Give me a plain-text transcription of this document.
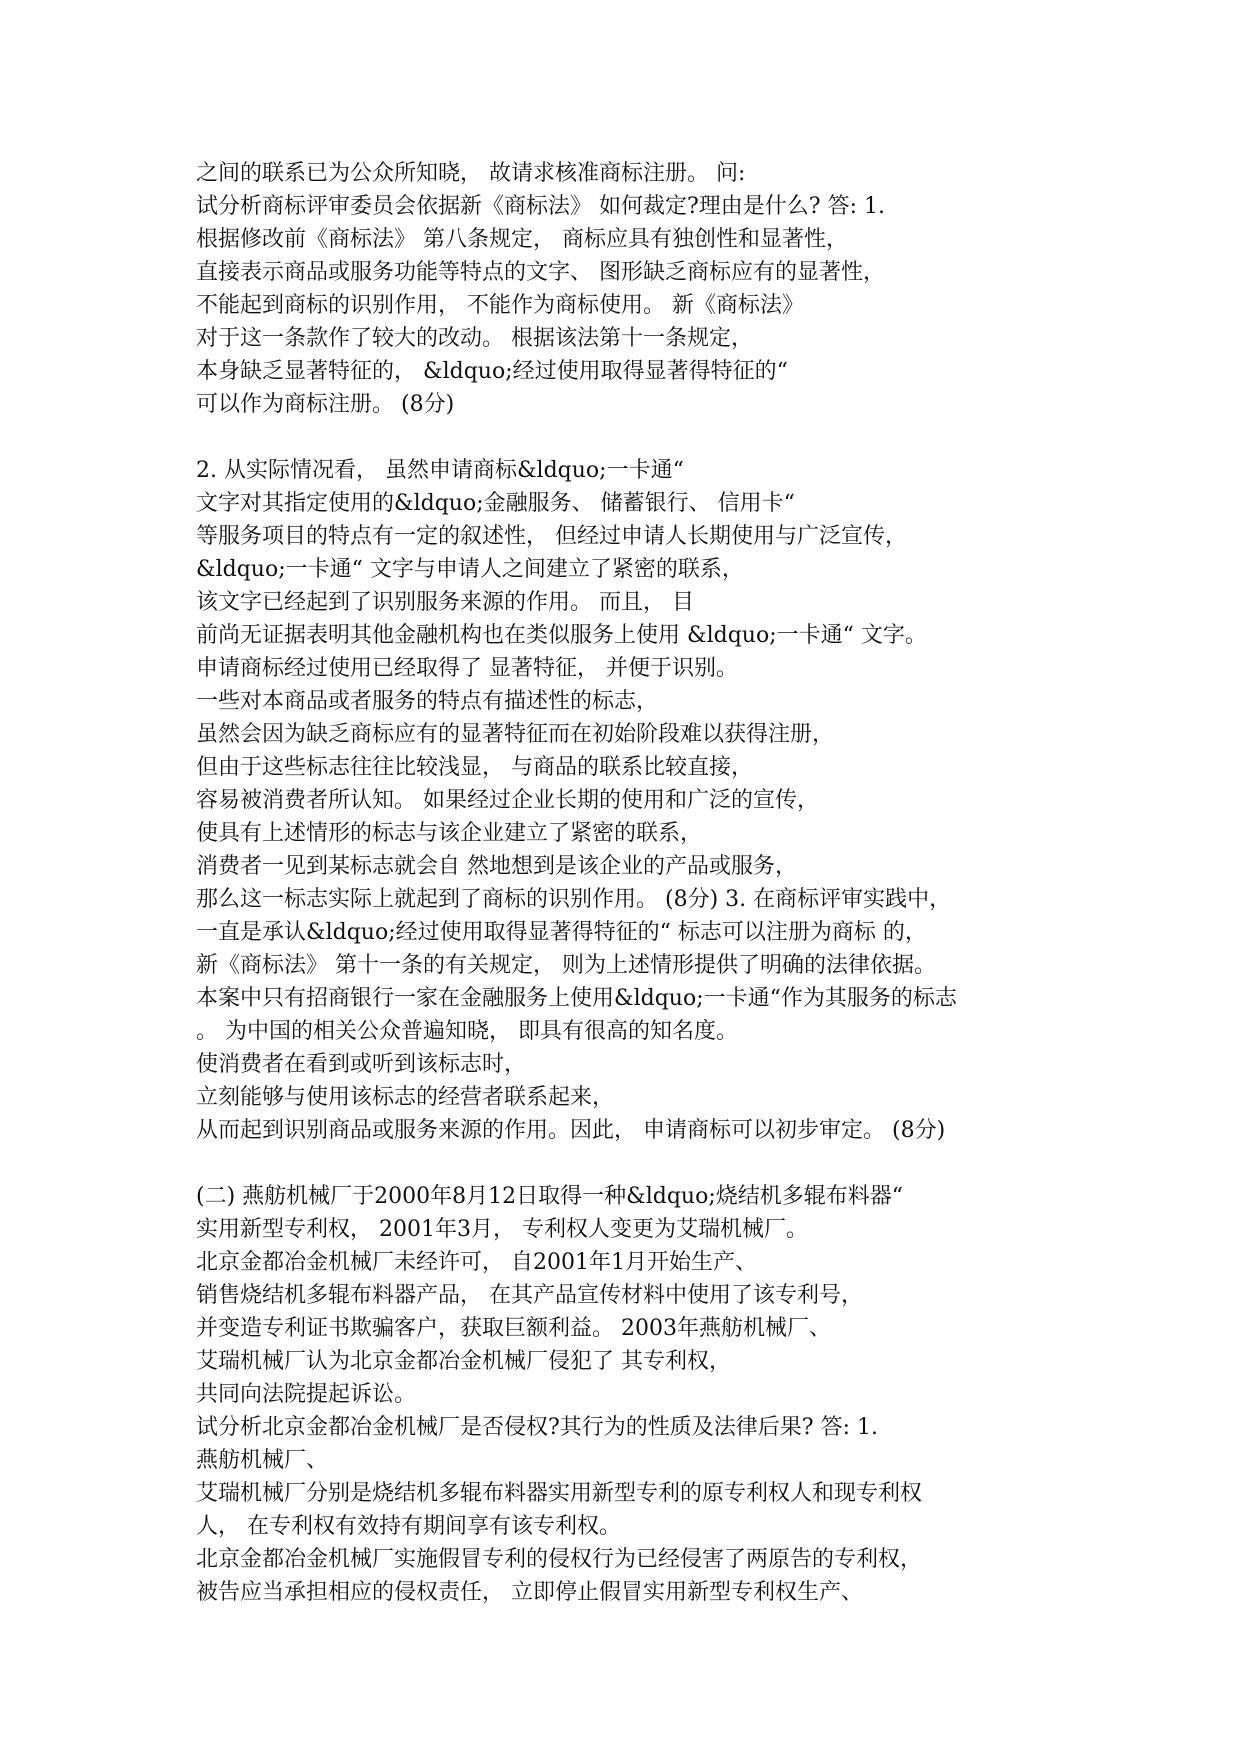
之间的联系已为公众所知晓， 故请求核准商标注册。 问:
试分析商标评审委员会依据新《商标法》 如何裁定?理由是什么? 答: 1.
根据修改前《商标法》 第八条规定， 商标应具有独创性和显著性，
直接表示商品或服务功能等特点的文字、 图形缺乏商标应有的显著性，
不能起到商标的识别作用， 不能作为商标使用。 新《商标法》
对于这一条款作了较大的改动。 根据该法第十一条规定，
本身缺乏显著特征的， &ldquo;经过使用取得显著得特征的“
可以作为商标注册。 (8分)
2. 从实际情况看， 虽然申请商标&ldquo;一卡通“
文字对其指定使用的&ldquo;金融服务、 储蓄银行、 信用卡“
等服务项目的特点有一定的叙述性， 但经过申请人长期使用与广泛宣传，
&ldquo;一卡通“ 文字与申请人之间建立了紧密的联系，
该文字已经起到了识别服务来源的作用。 而且， 目
前尚无证据表明其他金融机构也在类似服务上使用 &ldquo;一卡通“ 文字。
申请商标经过使用已经取得了 显著特征， 并便于识别。
一些对本商品或者服务的特点有描述性的标志，
虽然会因为缺乏商标应有的显著特征而在初始阶段难以获得注册，
但由于这些标志往往比较浅显， 与商品的联系比较直接，
容易被消费者所认知。 如果经过企业长期的使用和广泛的宣传，
使具有上述情形的标志与该企业建立了紧密的联系，
消费者一见到某标志就会自 然地想到是该企业的产品或服务，
那么这一标志实际上就起到了商标的识别作用。 (8分) 3. 在商标评审实践中，
一直是承认&ldquo;经过使用取得显著得特征的“ 标志可以注册为商标 的，
新《商标法》 第十一条的有关规定， 则为上述情形提供了明确的法律依据。
本案中只有招商银行一家在金融服务上使用&ldquo;一卡通“作为其服务的标志
。 为中国的相关公众普遍知晓， 即具有很高的知名度。
使消费者在看到或听到该标志时，
立刻能够与使用该标志的经营者联系起来，
从而起到识别商品或服务来源的作用。因此， 申请商标可以初步审定。 (8分)
(二) 燕舫机械厂于2000年8月12日取得一种&ldquo;烧结机多辊布料器“
实用新型专利权， 2001年3月， 专利权人变更为艾瑞机械厂。
北京金都冶金机械厂未经许可， 自2001年1月开始生产、
销售烧结机多辊布料器产品， 在其产品宣传材料中使用了该专利号，
并变造专利证书欺骗客户，获取巨额利益。 2003年燕舫机械厂、
艾瑞机械厂认为北京金都冶金机械厂侵犯了 其专利权，
共同向法院提起诉讼。
试分析北京金都冶金机械厂是否侵权?其行为的性质及法律后果? 答: 1.
燕舫机械厂、
艾瑞机械厂分别是烧结机多辊布料器实用新型专利的原专利权人和现专利权
人， 在专利权有效持有期间享有该专利权。
北京金都冶金机械厂实施假冒专利的侵权行为已经侵害了两原告的专利权，
被告应当承担相应的侵权责任， 立即停止假冒实用新型专利权生产、
